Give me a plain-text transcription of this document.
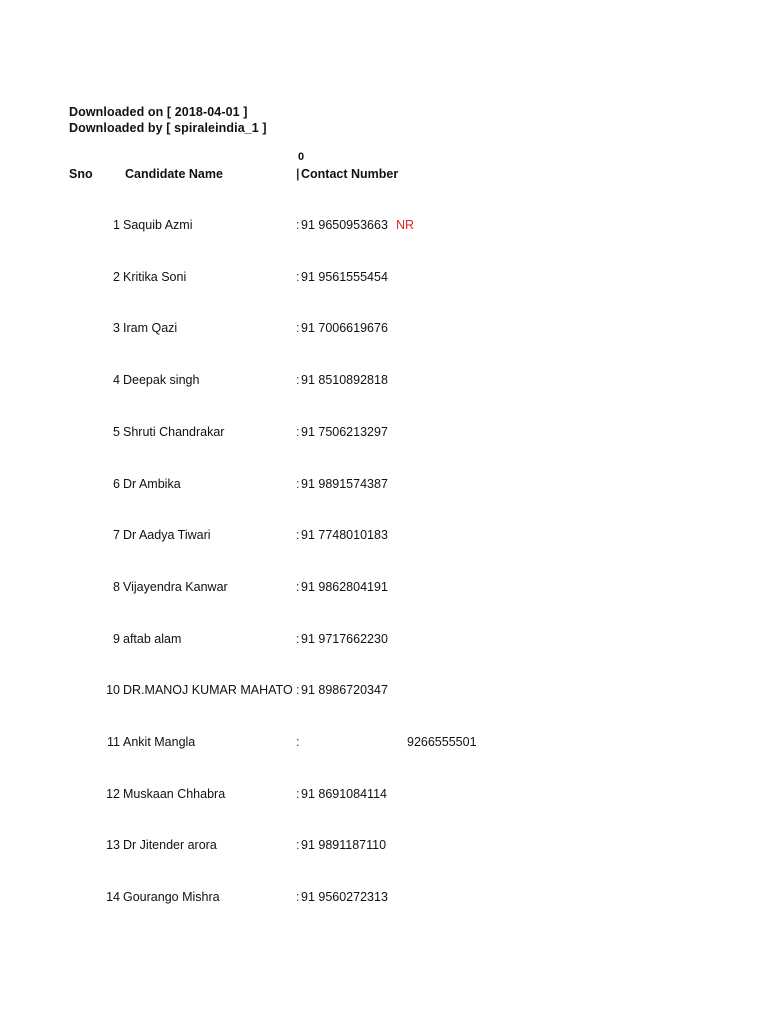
Downloaded on [ 2018-04-01 ]
Downloaded by [ spiraleindia_1 ]
0
Sno	Candidate Name	| Contact Number
1 Saquib Azmi	: 91 9650953663 NR
2 Kritika Soni	: 91 9561555454
3 Iram Qazi	: 91 7006619676
4 Deepak singh	: 91 8510892818
5 Shruti Chandrakar	: 91 7506213297
6 Dr Ambika	: 91 9891574387
7 Dr Aadya Tiwari	: 91 7748010183
8 Vijayendra Kanwar	: 91 9862804191
9 aftab alam	: 91 9717662230
10 DR.MANOJ KUMAR MAHATO : 91 8986720347
11 Ankit Mangla	:	9266555501
12 Muskaan Chhabra	: 91 8691084114
13 Dr Jitender arora	: 91 9891187110
14 Gourango Mishra	: 91 9560272313
